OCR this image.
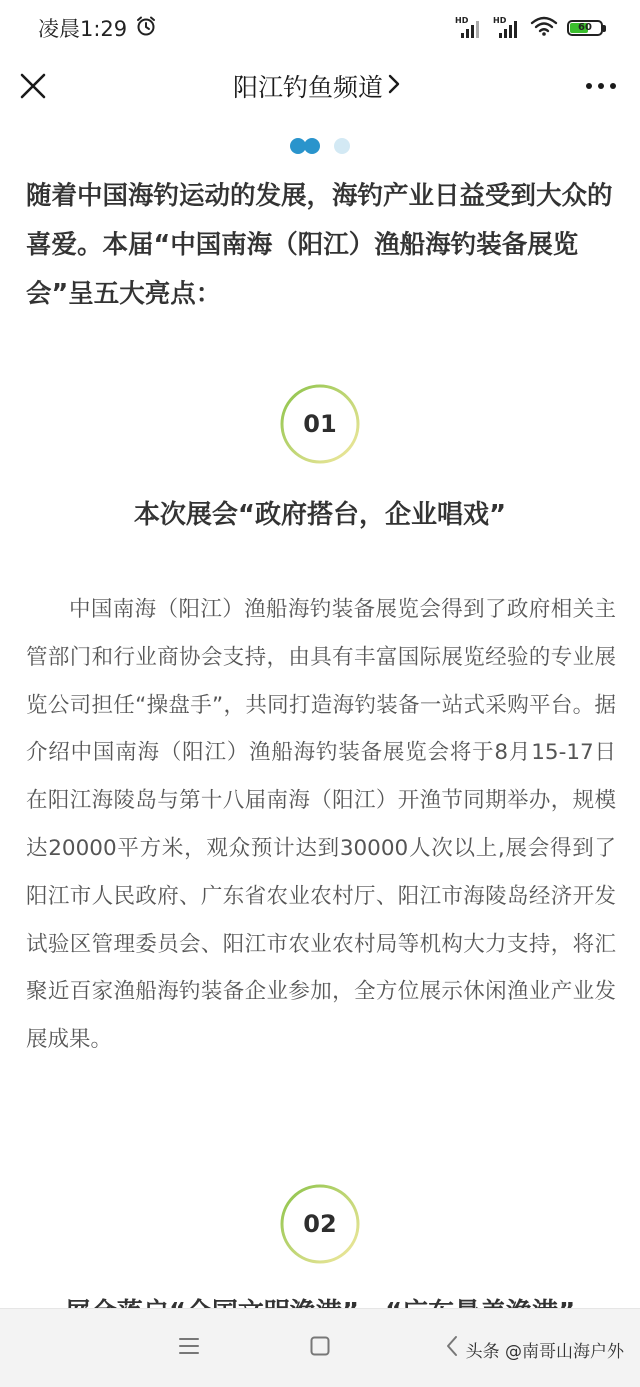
凌晨1:29	HD	HD
60
阳江钓鱼频道

随着中国海钓运动的发展，海钓产业日益受到大众的喜爱。本届“中国南海（阳江）渔船海钓装备展览会”呈五大亮点：

01
本次展会“政府搭台，企业唱戏”

中国南海（阳江）渔船海钓装备展览会得到了政府相关主管部门和行业商协会支持，由具有丰富国际展览经验的专业展览公司担任“操盘手”，共同打造海钓装备一站式采购平台。据介绍中国南海（阳江）渔船海钓装备展览会将于8月15-17日在阳江海陵岛与第十八届南海（阳江）开渔节同期举办，规模达20000平方米，观众预计达到30000人次以上,展会得到了阳江市人民政府、广东省农业农村厅、阳江市海陵岛经济开发试验区管理委员会、阳江市农业农村局等机构大力支持，将汇聚近百家渔船海钓装备企业参加，全方位展示休闲渔业产业发展成果。

02
头条 @南哥山海户外
